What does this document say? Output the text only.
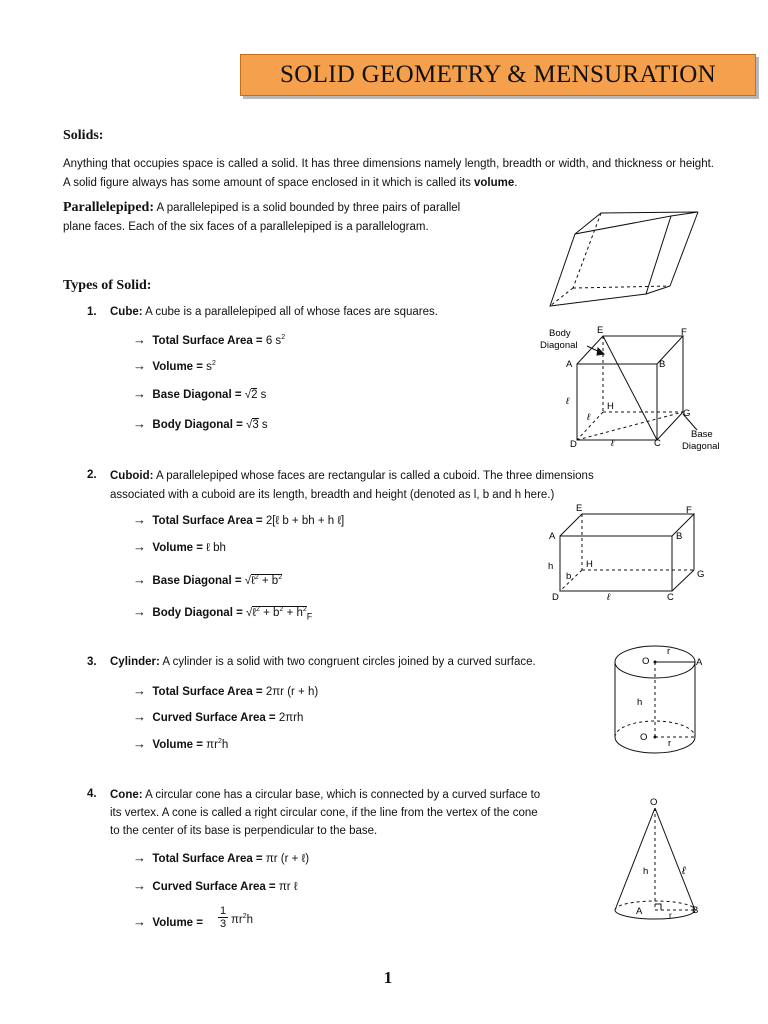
SOLID GEOMETRY & MENSURATION
Solids:
Anything that occupies space is called a solid. It has three dimensions namely length, breadth or width, and thickness or height. A solid figure always has some amount of space enclosed in it which is called its volume.
Parallelepiped: A parallelepiped is a solid bounded by three pairs of parallel
plane faces. Each of the six faces of a parallelepiped is a parallelogram.
Types of Solid:
1. Cube: A cube is a parallelepiped all of whose faces are squares.
→ Total Surface Area = 6 $s^2$
→ Volume = $s^2$
→ Base Diagonal = √2 s
→ Body Diagonal = √3 s
Body
Diagonal
E	F
A	B
H
G
D	C
ℓ
ℓ
ℓ
Base
Diagonal
2. Cuboid: A parallelepiped whose faces are rectangular is called a cuboid. The three dimensions
associated with a cuboid are its length, breadth and height (denoted as l, b and h here.)
→ Total Surface Area = 2[ℓ b + bh + h ℓ]
→ Volume = ℓ bh
→ Base Diagonal = √ℓ$^2$ + $b^2$
→ Body Diagonal = √ℓ$^2$ + $b^2 + h^2_F$
E	F
A	B
H
G
D	C
h
b
ℓ
3. Cylinder: A cylinder is a solid with two congruent circles joined by a curved surface.
→ Total Surface Area = 2πr (r + h)
→ Curved Surface Area = 2πrh
→ Volume = $\pi r^2h$
O
r
A
h
O
r
4. Cone: A circular cone has a circular base, which is connected by a curved surface to
its vertex. A cone is called a right circular cone, if the line from the vertex of the cone
to the center of its base is perpendicular to the base.
→ Total Surface Area = πr (r + ℓ)
→ Curved Surface Area = πr ℓ
→ Volume = $\frac{1}{3} \pi r^2h$
O
h	ℓ
A	r B
1
